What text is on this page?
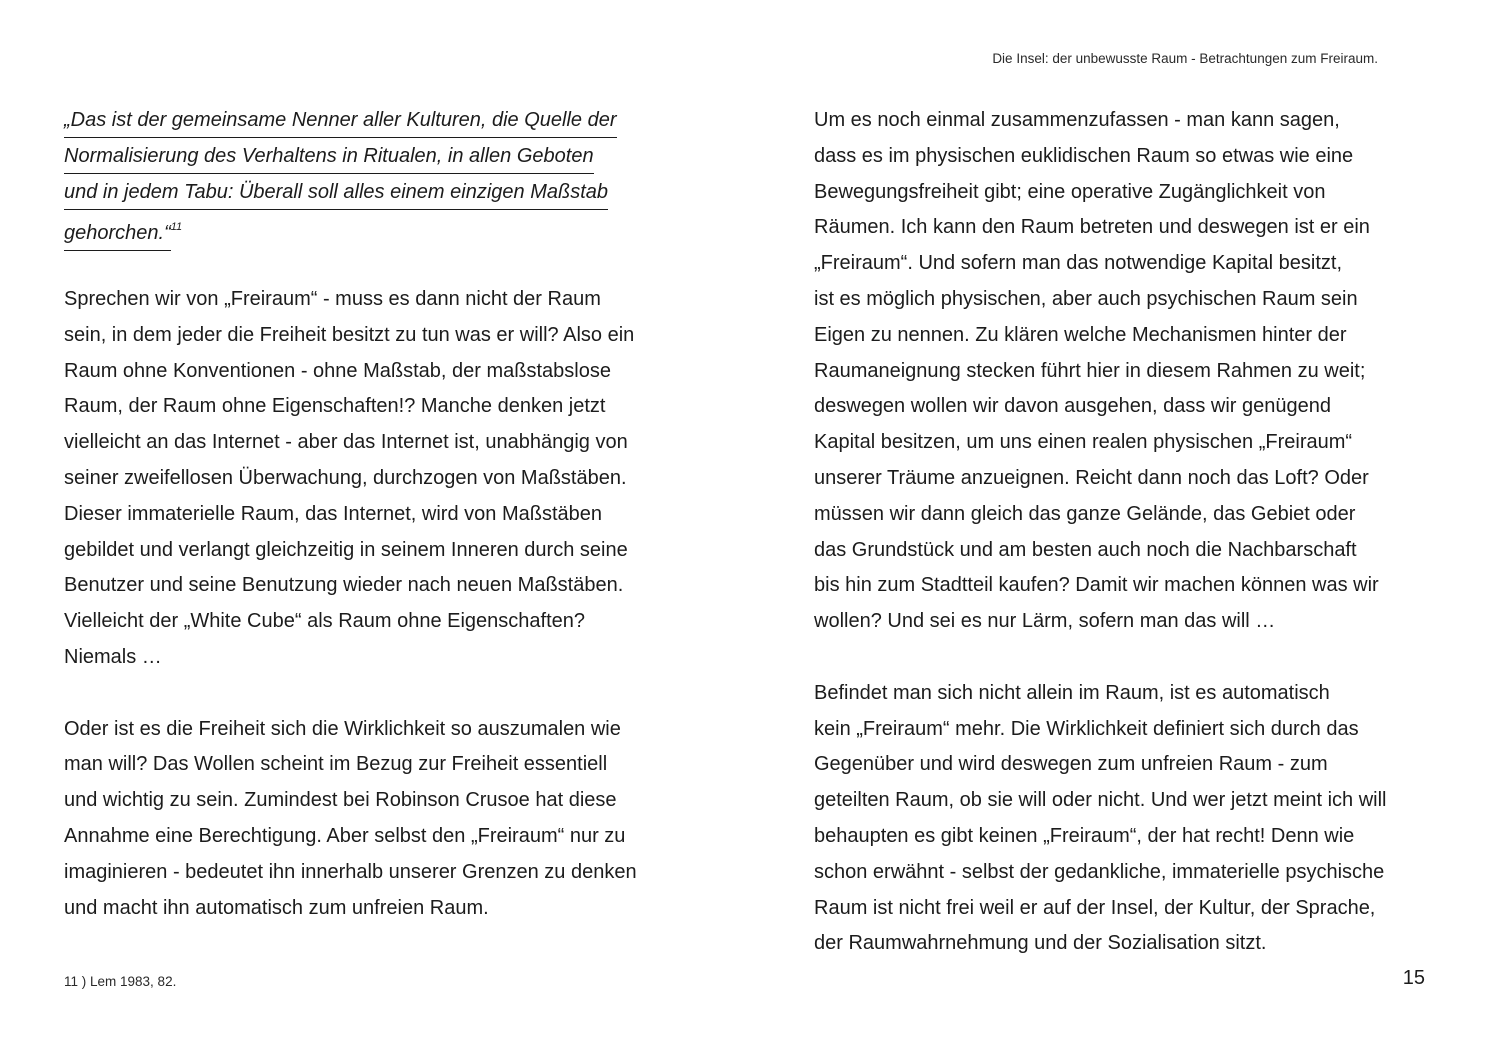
Die Insel: der unbewusste Raum - Betrachtungen zum Freiraum.
„Das ist der gemeinsame Nenner aller Kulturen, die Quelle der
Normalisierung des Verhaltens in Ritualen, in allen Geboten
und in jedem Tabu: Überall soll alles einem einzigen Maßstab
gehorchen.“$^{11}$
Sprechen wir von „Freiraum“ - muss es dann nicht der Raum
sein, in dem jeder die Freiheit besitzt zu tun was er will? Also ein
Raum ohne Konventionen - ohne Maßstab, der maßstabslose
Raum, der Raum ohne Eigenschaften!? Manche denken jetzt
vielleicht an das Internet - aber das Internet ist, unabhängig von
seiner zweifellosen Überwachung, durchzogen von Maßstäben.
Dieser immaterielle Raum, das Internet, wird von Maßstäben
gebildet und verlangt gleichzeitig in seinem Inneren durch seine
Benutzer und seine Benutzung wieder nach neuen Maßstäben.
Vielleicht der „White Cube“ als Raum ohne Eigenschaften?
Niemals …
Oder ist es die Freiheit sich die Wirklichkeit so auszumalen wie
man will? Das Wollen scheint im Bezug zur Freiheit essentiell
und wichtig zu sein. Zumindest bei Robinson Crusoe hat diese
Annahme eine Berechtigung. Aber selbst den „Freiraum“ nur zu
imaginieren - bedeutet ihn innerhalb unserer Grenzen zu denken
und macht ihn automatisch zum unfreien Raum.
11 ) Lem 1983, 82.
Um es noch einmal zusammenzufassen - man kann sagen,
dass es im physischen euklidischen Raum so etwas wie eine
Bewegungsfreiheit gibt; eine operative Zugänglichkeit von
Räumen. Ich kann den Raum betreten und deswegen ist er ein
„Freiraum“. Und sofern man das notwendige Kapital besitzt,
ist es möglich physischen, aber auch psychischen Raum sein
Eigen zu nennen. Zu klären welche Mechanismen hinter der
Raumaneignung stecken führt hier in diesem Rahmen zu weit;
deswegen wollen wir davon ausgehen, dass wir genügend
Kapital besitzen, um uns einen realen physischen „Freiraum“
unserer Träume anzueignen. Reicht dann noch das Loft? Oder
müssen wir dann gleich das ganze Gelände, das Gebiet oder
das Grundstück und am besten auch noch die Nachbarschaft
bis hin zum Stadtteil kaufen? Damit wir machen können was wir
wollen? Und sei es nur Lärm, sofern man das will …
Befindet man sich nicht allein im Raum, ist es automatisch
kein „Freiraum“ mehr. Die Wirklichkeit definiert sich durch das
Gegenüber und wird deswegen zum unfreien Raum - zum
geteilten Raum, ob sie will oder nicht. Und wer jetzt meint ich will
behaupten es gibt keinen „Freiraum“, der hat recht! Denn wie
schon erwähnt - selbst der gedankliche, immaterielle psychische
Raum ist nicht frei weil er auf der Insel, der Kultur, der Sprache,
der Raumwahrnehmung und der Sozialisation sitzt.
15
